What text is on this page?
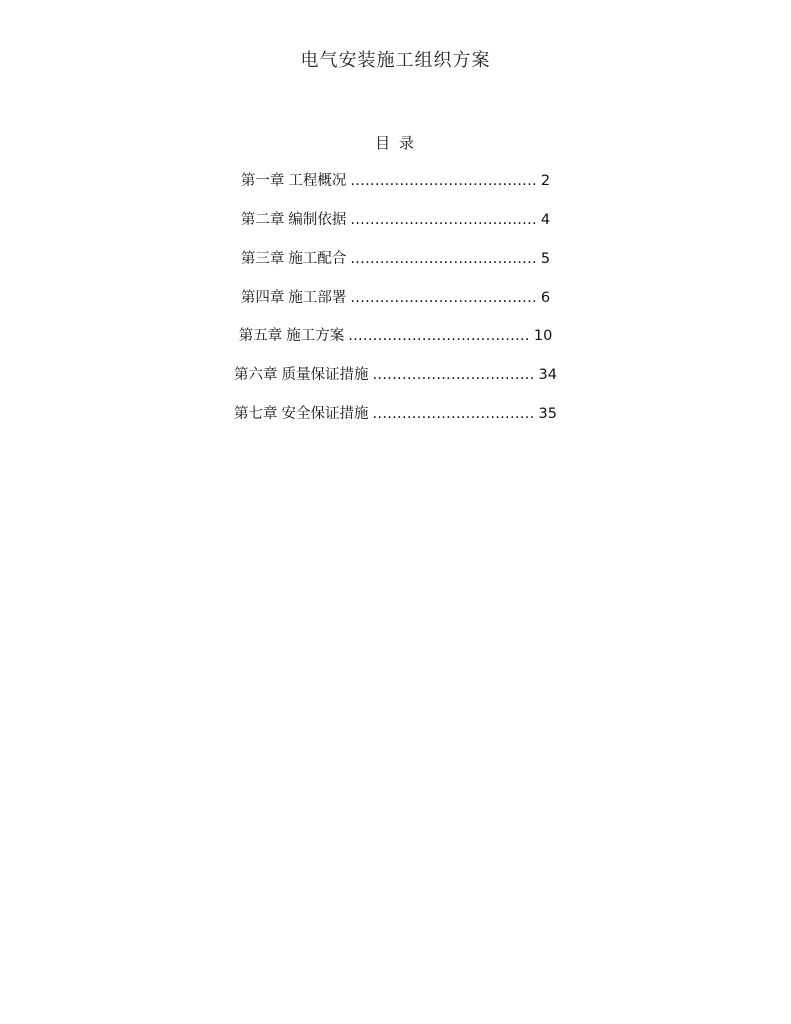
电气安装施工组织方案
目 录
第一章 工程概况 ...................................... 2
第二章 编制依据 ...................................... 4
第三章 施工配合 ...................................... 5
第四章 施工部署 ...................................... 6
第五章 施工方案 ..................................... 10
第六章 质量保证措施 ................................. 34
第七章 安全保证措施 ................................. 35
